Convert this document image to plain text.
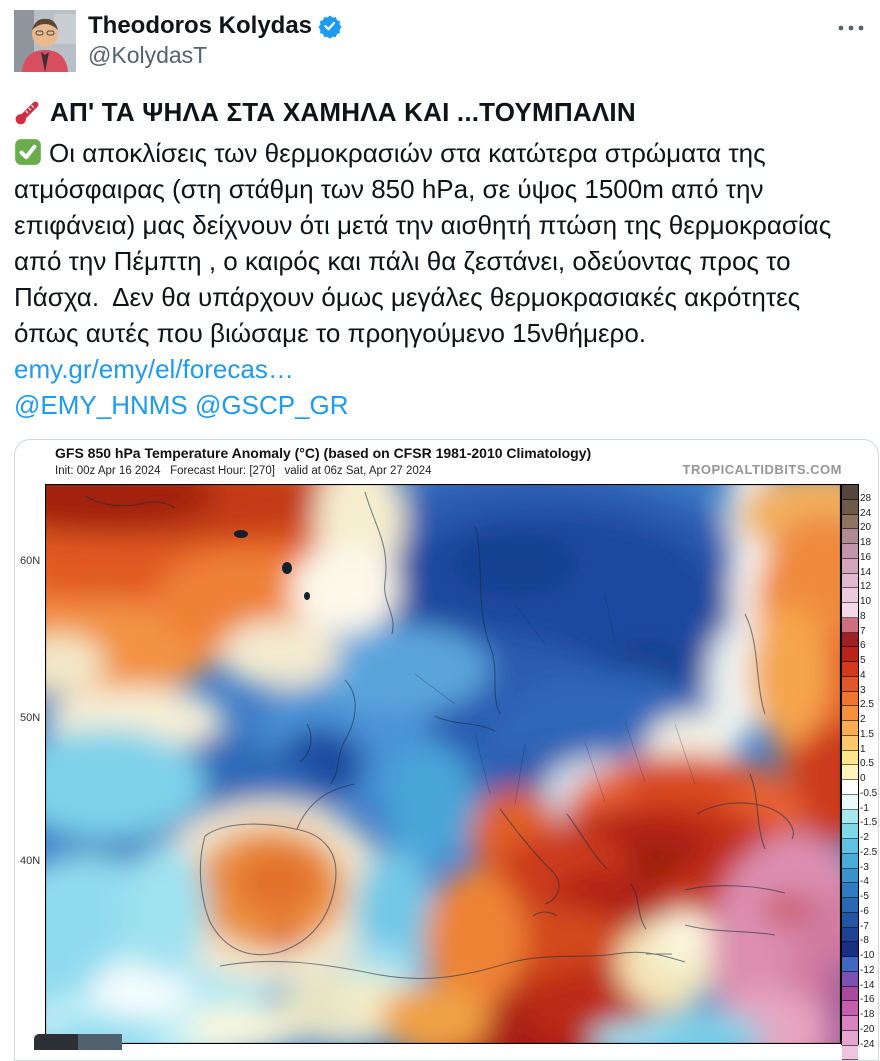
Theodoros Kolydas
@KolydasT
ΑΠ' ΤΑ ΨΗΛΑ ΣΤΑ ΧΑΜΗΛΑ ΚΑΙ ...ΤΟΥΜΠΑΛΙΝ
Οι αποκλίσεις των θερμοκρασιών στα κατώτερα στρώματα της ατμόσφαιρας (στη στάθμη των 850 hPa, σε ύψος 1500m από την επιφάνεια) μας δείχνουν ότι μετά την αισθητή πτώση της θερμοκρασίας από την Πέμπτη , ο καιρός και πάλι θα ζεστάνει, οδεύοντας προς το Πάσχα.  Δεν θα υπάρχουν όμως μεγάλες θερμοκρασιακές ακρότητες όπως αυτές που βιώσαμε το προηγούμενο 15νθήμερο.
emy.gr/emy/el/forecas…
@EMY_HNMS @GSCP_GR
GFS 850 hPa Temperature Anomaly (°C) (based on CFSR 1981-2010 Climatology)
Init: 00z Apr 16 2024   Forecast Hour: [270]   valid at 06z Sat, Apr 27 2024	TROPICALTIDBITS.COM
60N
50N
40N
28
24
20
18
16
14
12
10
8
7
6
5
4
3
2.5
2
1.5
1
0.5
0
-0.5
-1
-1.5
-2
-2.5
-3
-4
-5
-6
-7
-8
-10
-12
-14
-16
-18
-20
-24
